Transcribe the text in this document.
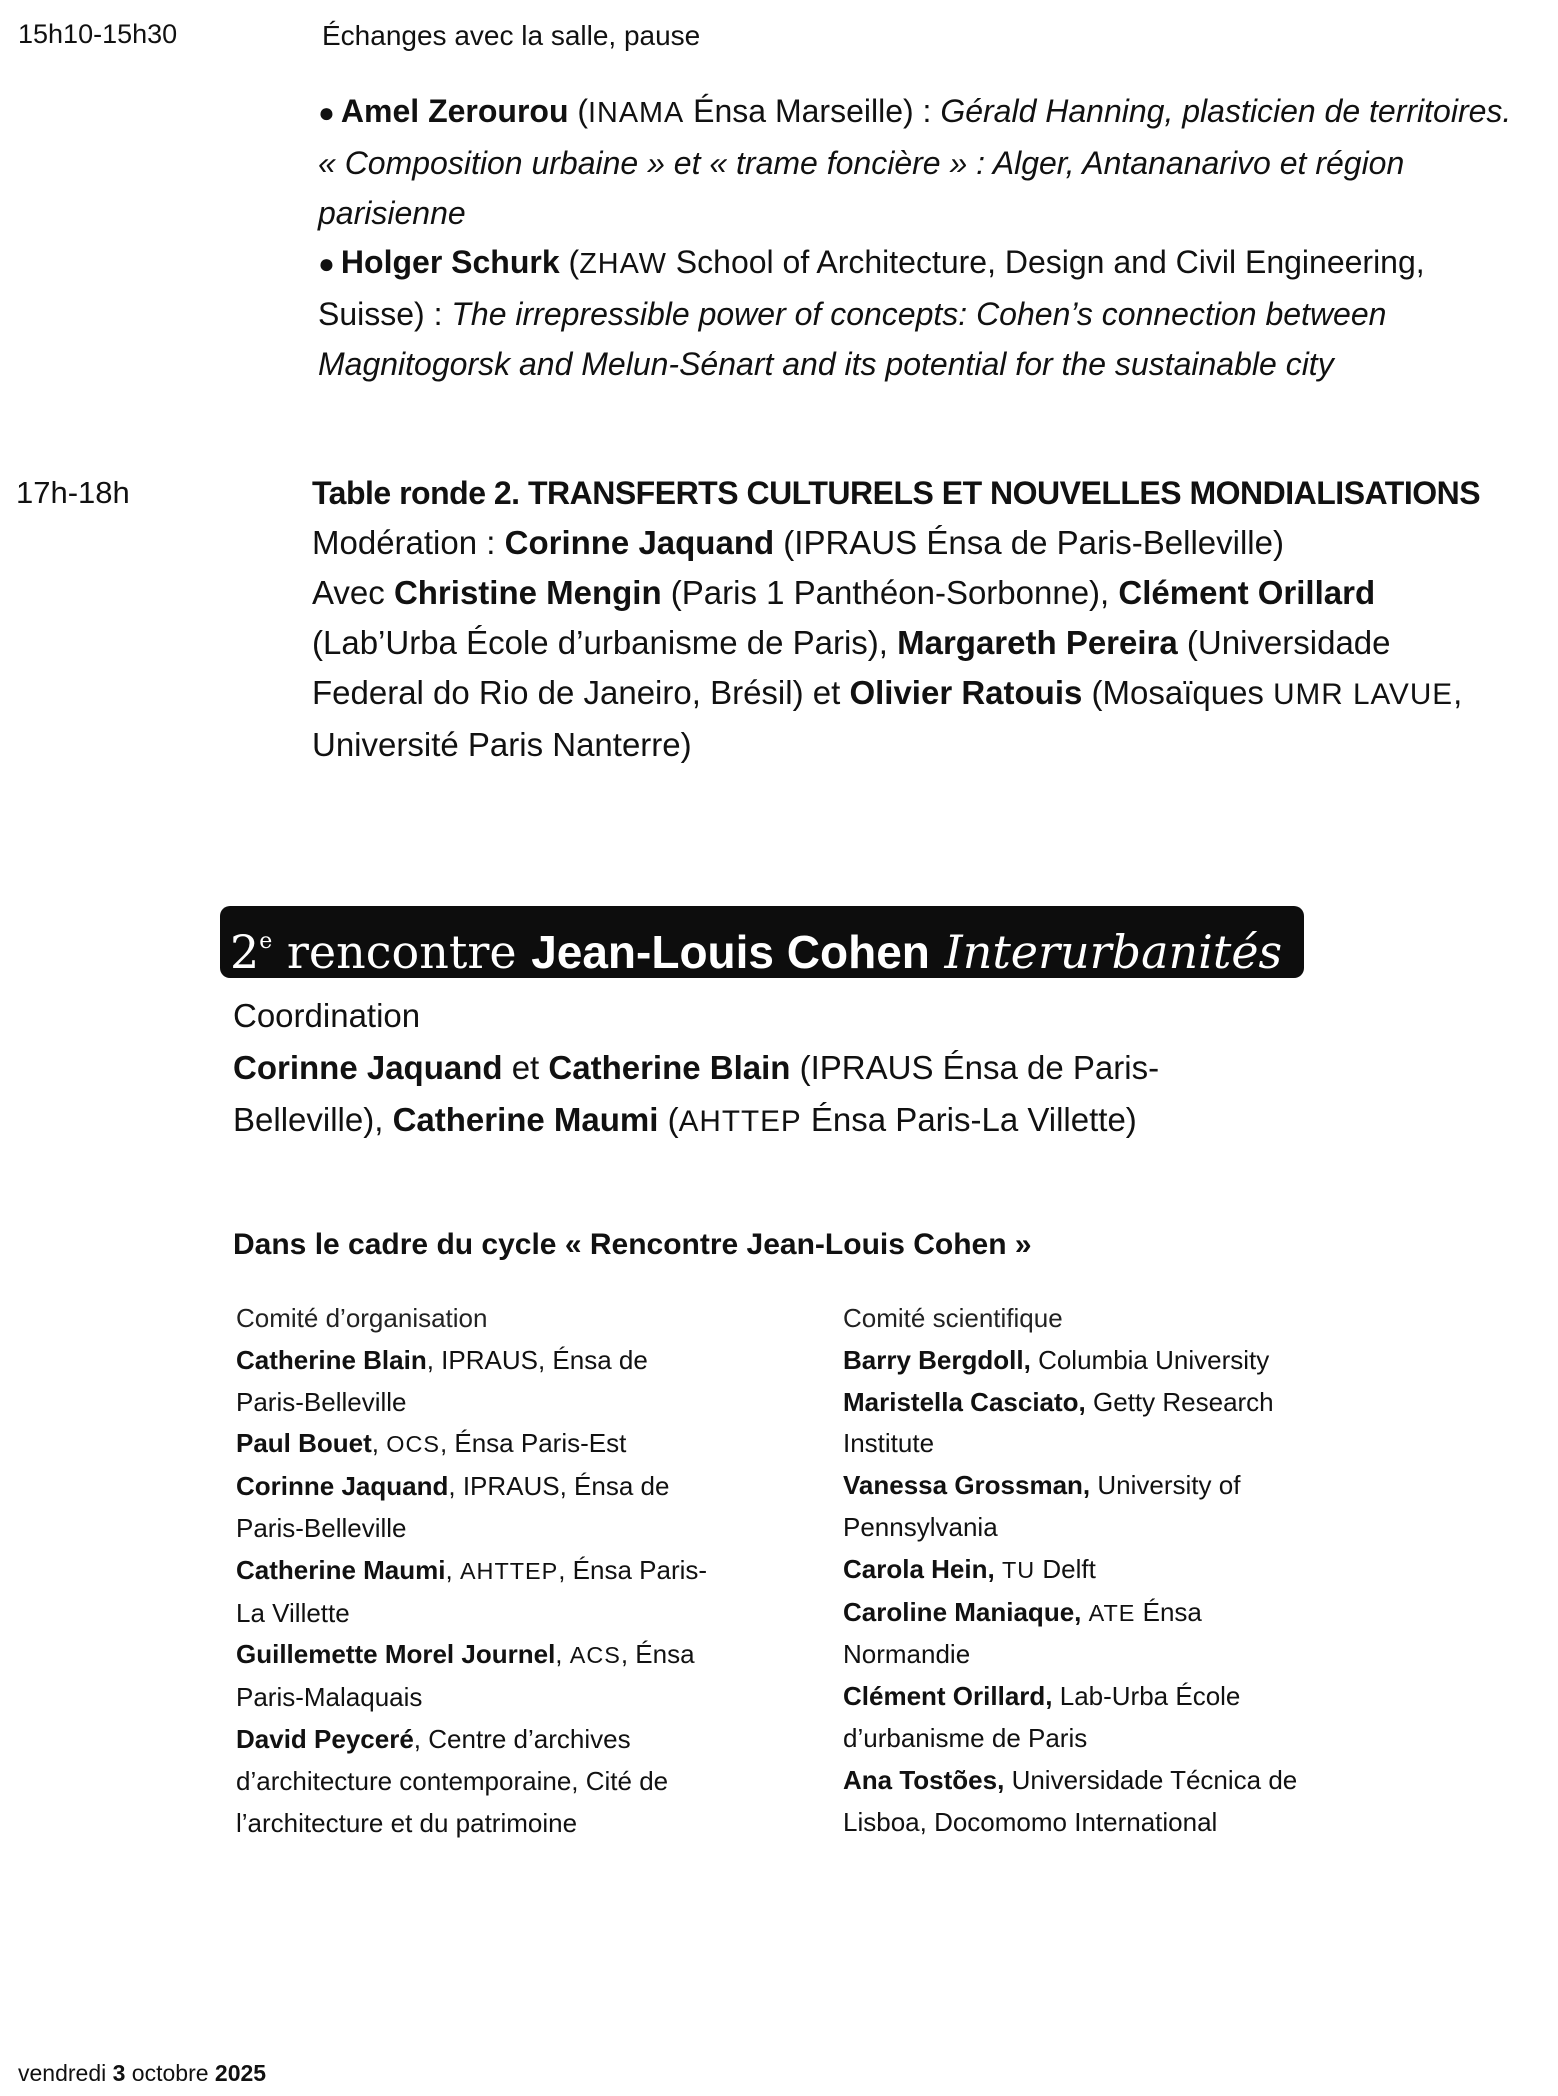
15h10-15h30	Échanges avec la salle, pause
● Amel Zerourou (INAMA Énsa Marseille) : Gérald Hanning, plasticien de territoires. « Composition urbaine » et « trame foncière » : Alger, Antananarivo et région parisienne
● Holger Schurk (ZHAW School of Architecture, Design and Civil Engineering, Suisse) : The irrepressible power of concepts: Cohen’s connection between Magnitogorsk and Melun-Sénart and its potential for the sustainable city
17h-18h	Table ronde 2. TRANSFERTS CULTURELS ET NOUVELLES MONDIALISATIONS
Modération : Corinne Jaquand (IPRAUS Énsa de Paris-Belleville)
Avec Christine Mengin (Paris 1 Panthéon-Sorbonne), Clément Orillard (Lab’Urba École d’urbanisme de Paris), Margareth Pereira (Universidade Federal do Rio de Janeiro, Brésil) et Olivier Ratouis (Mosaïques UMR LAVUE, Université Paris Nanterre)
2e rencontre Jean-Louis Cohen Interurbanités
Coordination
Corinne Jaquand et Catherine Blain (IPRAUS Énsa de Paris-Belleville), Catherine Maumi (AHTTEP Énsa Paris-La Villette)
Dans le cadre du cycle « Rencontre Jean-Louis Cohen »
Comité d’organisation
Catherine Blain, IPRAUS, Énsa de Paris-Belleville
Paul Bouet, OCS, Énsa Paris-Est
Corinne Jaquand, IPRAUS, Énsa de Paris-Belleville
Catherine Maumi, AHTTEP, Énsa Paris-La Villette
Guillemette Morel Journel, ACS, Énsa Paris-Malaquais
David Peyceré, Centre d’archives d’architecture contemporaine, Cité de l’architecture et du patrimoine
Comité scientifique
Barry Bergdoll, Columbia University
Maristella Casciato, Getty Research Institute
Vanessa Grossman, University of Pennsylvania
Carola Hein, TU Delft
Caroline Maniaque, ATE Énsa Normandie
Clément Orillard, Lab-Urba École d’urbanisme de Paris
Ana Tostões, Universidade Técnica de Lisboa, Docomomo International
vendredi 3 octobre 2025
